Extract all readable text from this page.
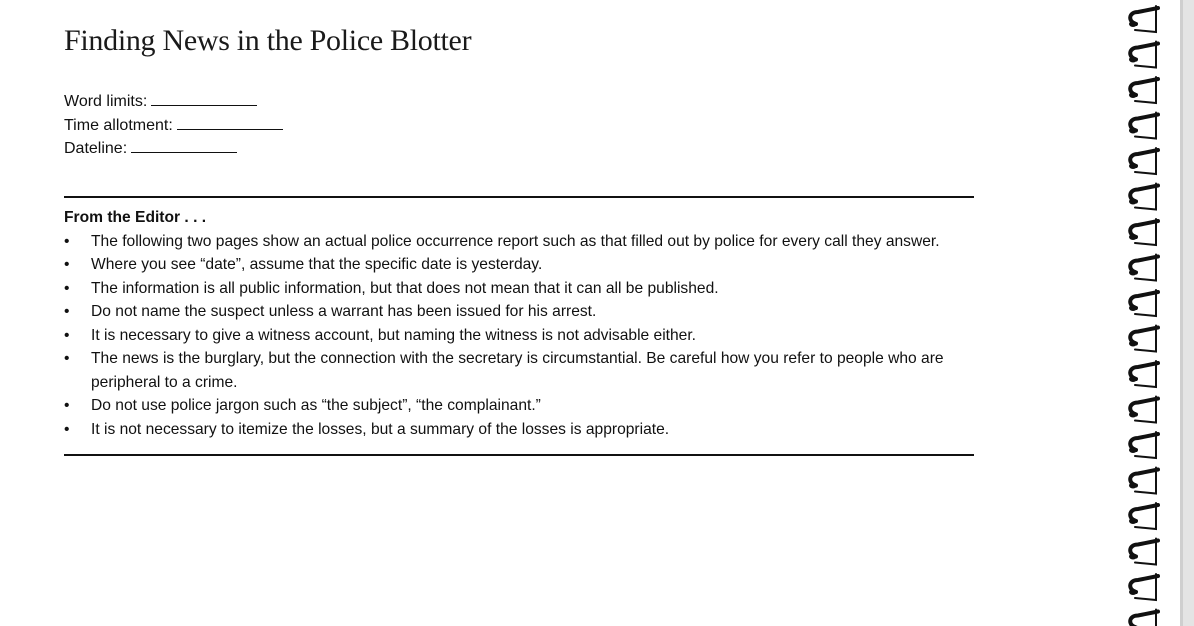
Finding News in the Police Blotter
Word limits:
Time allotment:
Dateline:

From the Editor . . .

• The following two pages show an actual police occurrence report such as that filled out by police for every call they answer.
• Where you see “date”, assume that the specific date is yesterday.
• The information is all public information, but that does not mean that it can all be published.
• Do not name the suspect unless a warrant has been issued for his arrest.
• It is necessary to give a witness account, but naming the witness is not advisable either.
• The news is the burglary, but the connection with the secretary is circumstantial. Be careful how you refer to people who are peripheral to a crime.
• Do not use police jargon such as “the subject”, “the complainant.”
• It is not necessary to itemize the losses, but a summary of the losses is appropriate.
